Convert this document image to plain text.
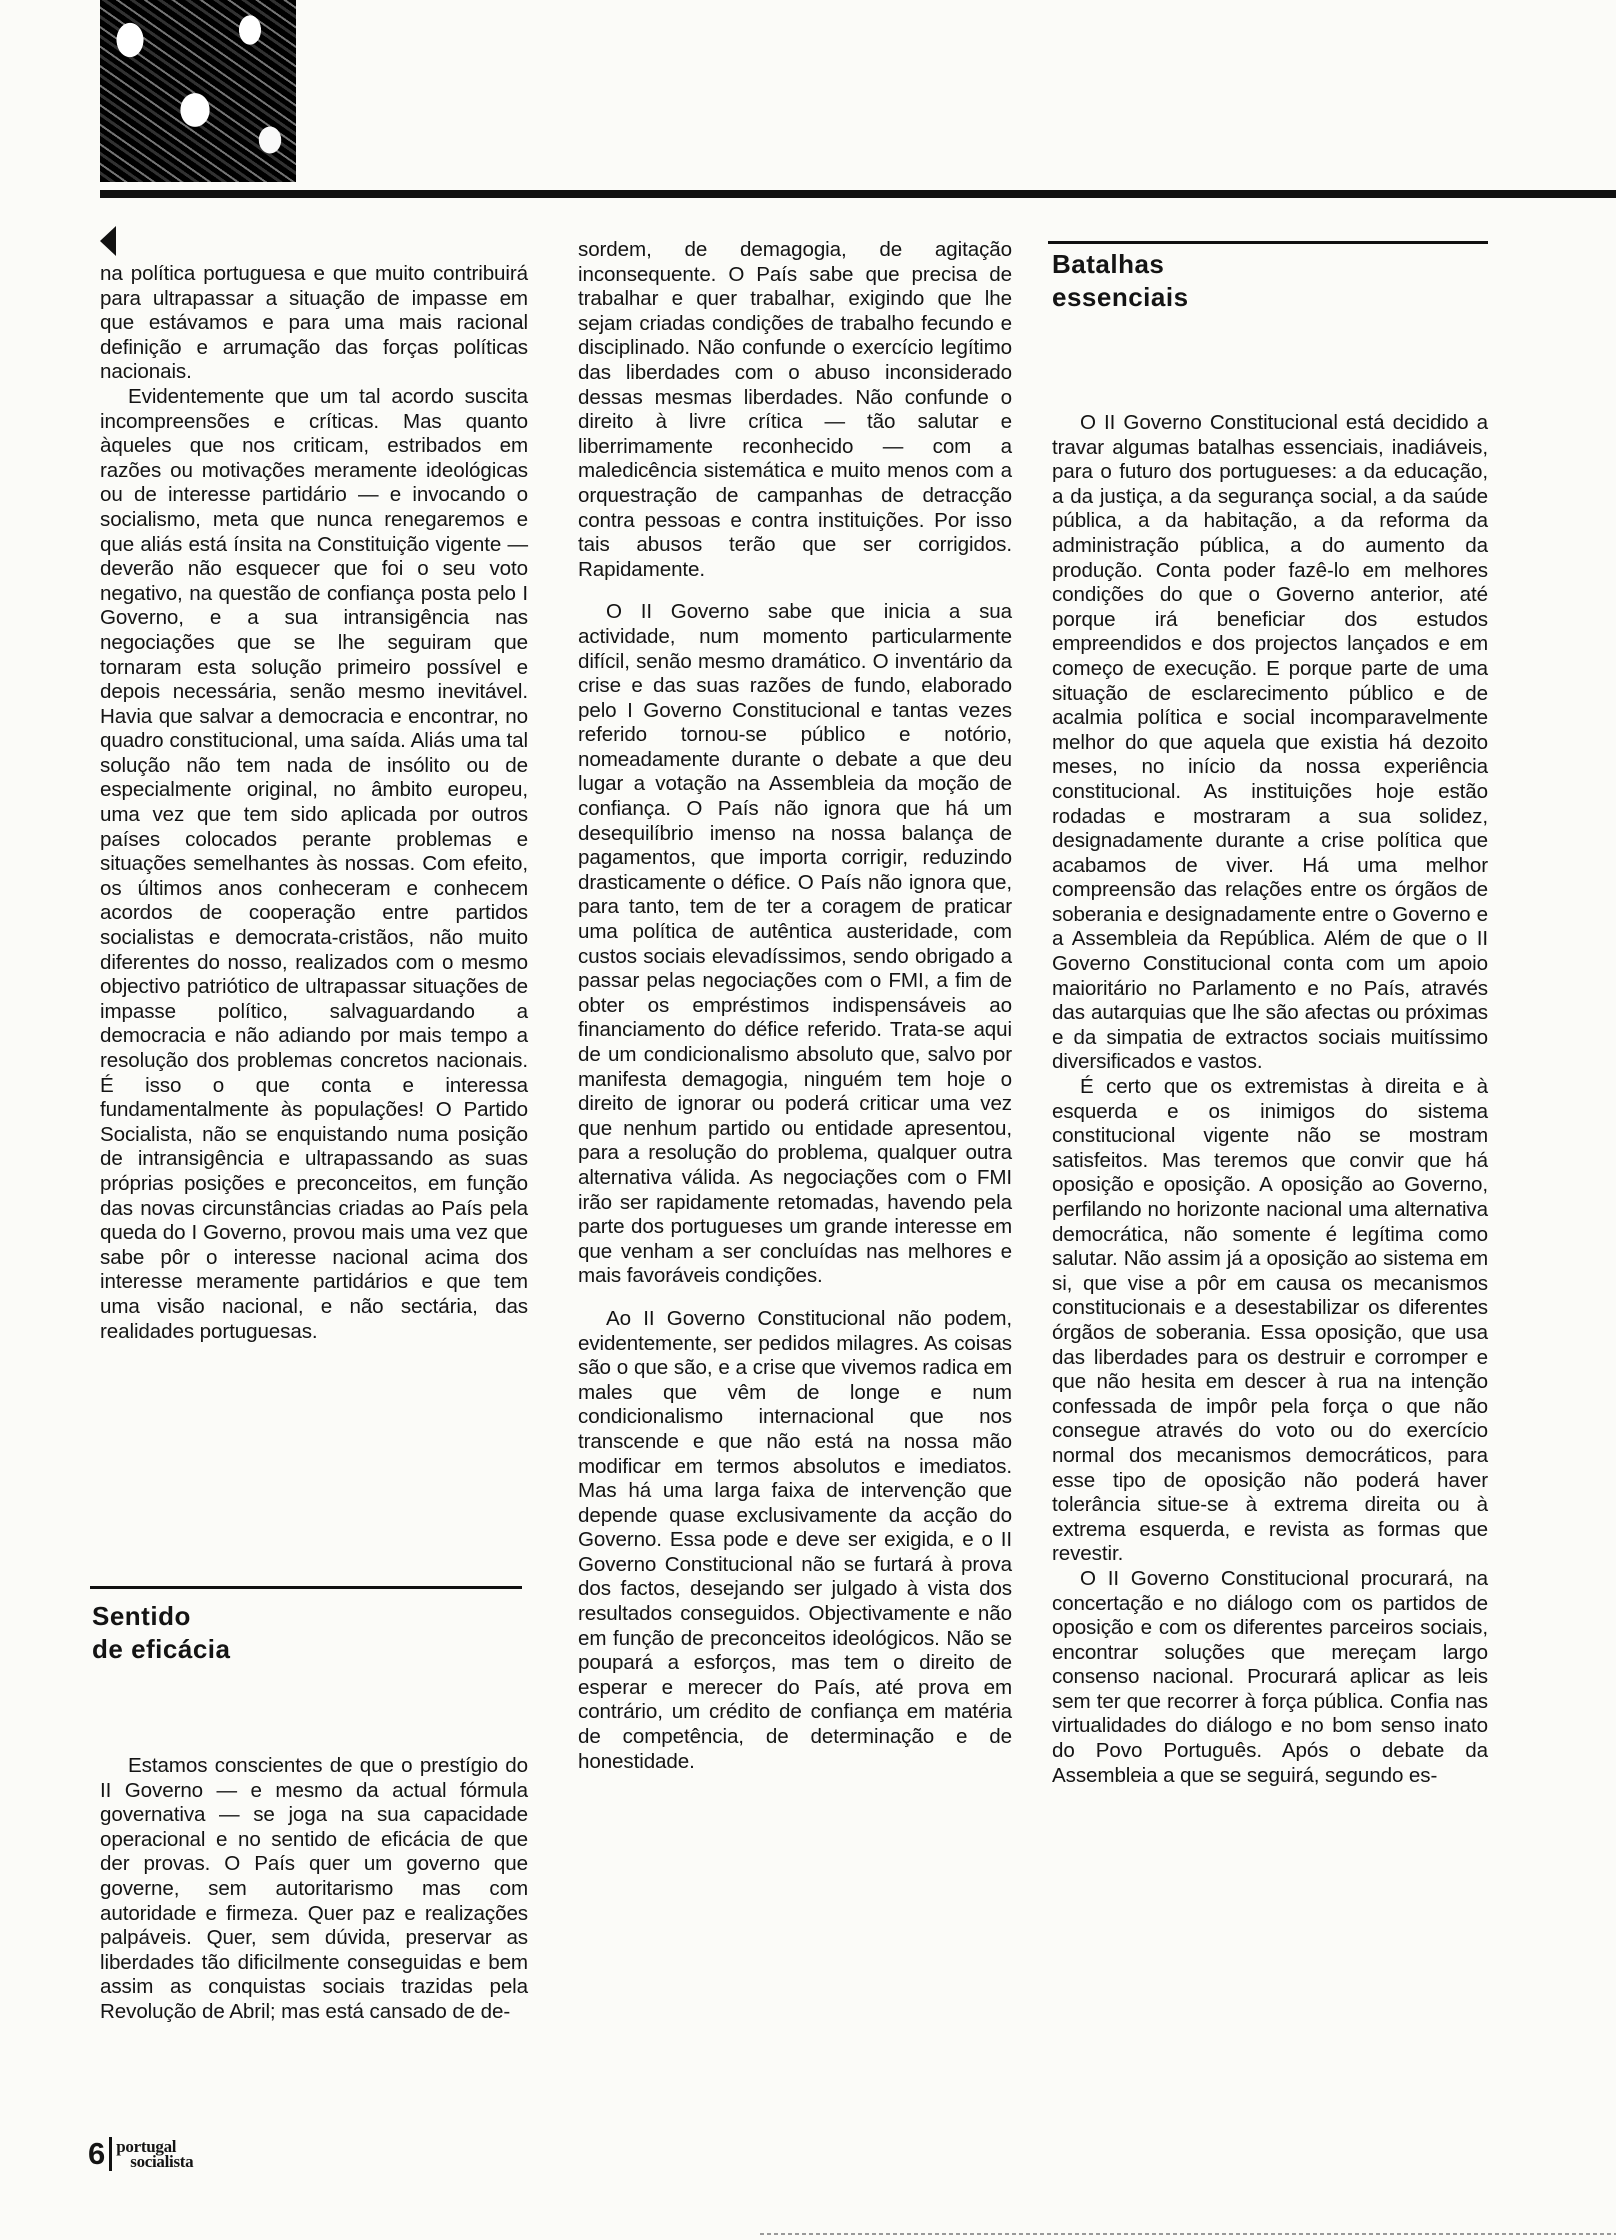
na política portuguesa e que muito contribuirá para ultrapassar a situação de impasse em que estávamos e para uma mais racional definição e arrumação das forças políticas nacionais.

Evidentemente que um tal acordo suscita incompreensões e críticas. Mas quanto àqueles que nos criticam, estribados em razões ou motivações meramente ideológicas ou de interesse partidário — e invocando o socialismo, meta que nunca renegaremos e que aliás está ínsita na Constituição vigente — deverão não esquecer que foi o seu voto negativo, na questão de confiança posta pelo I Governo, e a sua intransigência nas negociações que se lhe seguiram que tornaram esta solução primeiro possível e depois necessária, senão mesmo inevitável. Havia que salvar a democracia e encontrar, no quadro constitucional, uma saída. Aliás uma tal solução não tem nada de insólito ou de especialmente original, no âmbito europeu, uma vez que tem sido aplicada por outros países colocados perante problemas e situações semelhantes às nossas. Com efeito, os últimos anos conheceram e conhecem acordos de cooperação entre partidos socialistas e democrata-cristãos, não muito diferentes do nosso, realizados com o mesmo objectivo patriótico de ultrapassar situações de impasse político, salvaguardando a democracia e não adiando por mais tempo a resolução dos problemas concretos nacionais. É isso o que conta e interessa fundamentalmente às populações! O Partido Socialista, não se enquistando numa posição de intransigência e ultrapassando as suas próprias posições e preconceitos, em função das novas circunstâncias criadas ao País pela queda do I Governo, provou mais uma vez que sabe pôr o interesse nacional acima dos interesse meramente partidários e que tem uma visão nacional, e não sectária, das realidades portuguesas.

Sentido
de eficácia

Estamos conscientes de que o prestígio do II Governo — e mesmo da actual fórmula governativa — se joga na sua capacidade operacional e no sentido de eficácia de que der provas. O País quer um governo que governe, sem autoritarismo mas com autoridade e firmeza. Quer paz e realizações palpáveis. Quer, sem dúvida, preservar as liberdades tão dificilmente conseguidas e bem assim as conquistas sociais trazidas pela Revolução de Abril; mas está cansado de de-

sordem, de demagogia, de agitação inconsequente. O País sabe que precisa de trabalhar e quer trabalhar, exigindo que lhe sejam criadas condições de trabalho fecundo e disciplinado. Não confunde o exercício legítimo das liberdades com o abuso inconsiderado dessas mesmas liberdades. Não confunde o direito à livre crítica — tão salutar e liberrimamente reconhecido — com a maledicência sistemática e muito menos com a orquestração de campanhas de detracção contra pessoas e contra instituições. Por isso tais abusos terão que ser corrigidos. Rapidamente.

O II Governo sabe que inicia a sua actividade, num momento particularmente difícil, senão mesmo dramático. O inventário da crise e das suas razões de fundo, elaborado pelo I Governo Constitucional e tantas vezes referido tornou-se público e notório, nomeadamente durante o debate a que deu lugar a votação na Assembleia da moção de confiança. O País não ignora que há um desequilíbrio imenso na nossa balança de pagamentos, que importa corrigir, reduzindo drasticamente o défice. O País não ignora que, para tanto, tem de ter a coragem de praticar uma política de autêntica austeridade, com custos sociais elevadíssimos, sendo obrigado a passar pelas negociações com o FMI, a fim de obter os empréstimos indispensáveis ao financiamento do défice referido. Trata-se aqui de um condicionalismo absoluto que, salvo por manifesta demagogia, ninguém tem hoje o direito de ignorar ou poderá criticar uma vez que nenhum partido ou entidade apresentou, para a resolução do problema, qualquer outra alternativa válida. As negociações com o FMI irão ser rapidamente retomadas, havendo pela parte dos portugueses um grande interesse em que venham a ser concluídas nas melhores e mais favoráveis condições.

Ao II Governo Constitucional não podem, evidentemente, ser pedidos milagres. As coisas são o que são, e a crise que vivemos radica em males que vêm de longe e num condicionalismo internacional que nos transcende e que não está na nossa mão modificar em termos absolutos e imediatos. Mas há uma larga faixa de intervenção que depende quase exclusivamente da acção do Governo. Essa pode e deve ser exigida, e o II Governo Constitucional não se furtará à prova dos factos, desejando ser julgado à vista dos resultados conseguidos. Objectivamente e não em função de preconceitos ideológicos. Não se poupará a esforços, mas tem o direito de esperar e merecer do País, até prova em contrário, um crédito de confiança em matéria de competência, de determinação e de honestidade.

Batalhas
essenciais

O II Governo Constitucional está decidido a travar algumas batalhas essenciais, inadiáveis, para o futuro dos portugueses: a da educação, a da justiça, a da segurança social, a da saúde pública, a da habitação, a da reforma da administração pública, a do aumento da produção. Conta poder fazê-lo em melhores condições do que o Governo anterior, até porque irá beneficiar dos estudos empreendidos e dos projectos lançados e em começo de execução. E porque parte de uma situação de esclarecimento público e de acalmia política e social incomparavelmente melhor do que aquela que existia há dezoito meses, no início da nossa experiência constitucional. As instituições hoje estão rodadas e mostraram a sua solidez, designadamente durante a crise política que acabamos de viver. Há uma melhor compreensão das relações entre os órgãos de soberania e designadamente entre o Governo e a Assembleia da República. Além de que o II Governo Constitucional conta com um apoio maioritário no Parlamento e no País, através das autarquias que lhe são afectas ou próximas e da simpatia de extractos sociais muitíssimo diversificados e vastos.

É certo que os extremistas à direita e à esquerda e os inimigos do sistema constitucional vigente não se mostram satisfeitos. Mas teremos que convir que há oposição e oposição. A oposição ao Governo, perfilando no horizonte nacional uma alternativa democrática, não somente é legítima como salutar. Não assim já a oposição ao sistema em si, que vise a pôr em causa os mecanismos constitucionais e a desestabilizar os diferentes órgãos de soberania. Essa oposição, que usa das liberdades para os destruir e corromper e que não hesita em descer à rua na intenção confessada de impôr pela força o que não consegue através do voto ou do exercício normal dos mecanismos democráticos, para esse tipo de oposição não poderá haver tolerância situe-se à extrema direita ou à extrema esquerda, e revista as formas que revestir.

O II Governo Constitucional procurará, na concertação e no diálogo com os partidos de oposição e com os diferentes parceiros sociais, encontrar soluções que mereçam largo consenso nacional. Procurará aplicar as leis sem ter que recorrer à força pública. Confia nas virtualidades do diálogo e no bom senso inato do Povo Português. Após o debate da Assembleia a que se seguirá, segundo es-

6 portugal
socialista
